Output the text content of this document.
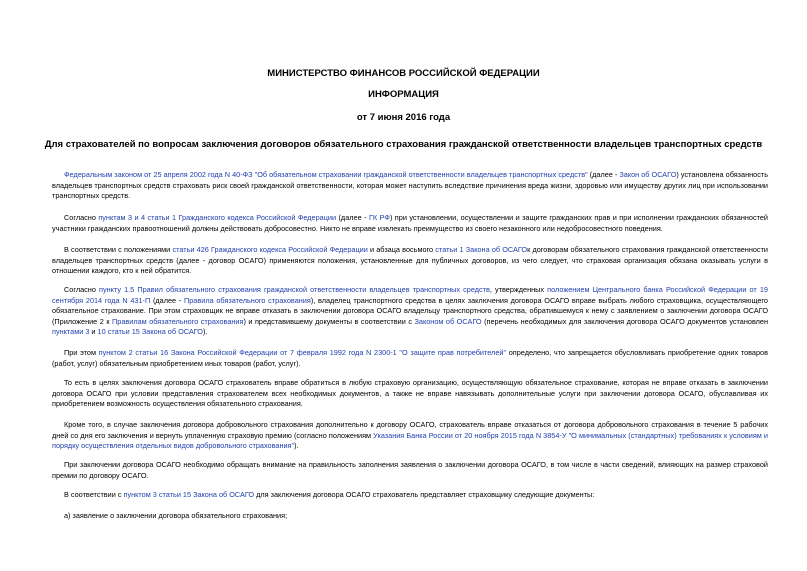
МИНИСТЕРСТВО ФИНАНСОВ РОССИЙСКОЙ ФЕДЕРАЦИИ
ИНФОРМАЦИЯ
от 7 июня 2016 года
Для страхователей по вопросам заключения договоров обязательного страхования гражданской ответственности владельцев транспортных средств
Федеральным законом от 25 апреля 2002 года N 40-ФЗ "Об обязательном страховании гражданской ответственности владельцев транспортных средств" (далее - Закон об ОСАГО) установлена обязанность владельцев транспортных средств страховать риск своей гражданской ответственности, которая может наступить вследствие причинения вреда жизни, здоровью или имуществу других лиц при использовании транспортных средств.
Согласно пунктам 3 и 4 статьи 1 Гражданского кодекса Российской Федерации (далее - ГК РФ) при установлении, осуществлении и защите гражданских прав и при исполнении гражданских обязанностей участники гражданских правоотношений должны действовать добросовестно. Никто не вправе извлекать преимущество из своего незаконного или недобросовестного поведения.
В соответствии с положениями статьи 426 Гражданского кодекса Российской Федерации и абзаца восьмого статьи 1 Закона об ОСАГОк договорам обязательного страхования гражданской ответственности владельцев транспортных средств (далее - договор ОСАГО) применяются положения, установленные для публичных договоров, из чего следует, что страховая организация обязана оказывать услуги в отношении каждого, кто к ней обратится.
Согласно пункту 1.5 Правил обязательного страхования гражданской ответственности владельцев транспортных средств, утвержденных положением Центрального банка Российской Федерации от 19 сентября 2014 года N 431-П (далее - Правила обязательного страхования), владелец транспортного средства в целях заключения договора ОСАГО вправе выбрать любого страховщика, осуществляющего обязательное страхование. При этом страховщик не вправе отказать в заключении договора ОСАГО владельцу транспортного средства, обратившемуся к нему с заявлением о заключении договора ОСАГО (Приложение 2 к Правилам обязательного страхования) и представившему документы в соответствии с Законом об ОСАГО (перечень необходимых для заключения договора ОСАГО документов установлен пунктами 3 и 10 статьи 15 Закона об ОСАГО).
При этом пунктом 2 статьи 16 Закона Российской Федерации от 7 февраля 1992 года N 2300-1 "О защите прав потребителей" определено, что запрещается обусловливать приобретение одних товаров (работ, услуг) обязательным приобретением иных товаров (работ, услуг).
То есть в целях заключения договора ОСАГО страхователь вправе обратиться в любую страховую организацию, осуществляющую обязательное страхование, которая не вправе отказать в заключении договора ОСАГО при условии представления страхователем всех необходимых документов, а также не вправе навязывать дополнительные услуги при заключении договора ОСАГО, обуславливая их приобретением возможность осуществления обязательного страхования.
Кроме того, в случае заключения договора добровольного страхования дополнительно к договору ОСАГО, страхователь вправе отказаться от договора добровольного страхования в течение 5 рабочих дней со дня его заключения и вернуть уплаченную страховую премию (согласно положениям Указания Банка России от 20 ноября 2015 года N 3854-У "О минимальных (стандартных) требованиях к условиям и порядку осуществления отдельных видов добровольного страхования").
При заключении договора ОСАГО необходимо обращать внимание на правильность заполнения заявления о заключении договора ОСАГО, в том числе в части сведений, влияющих на размер страховой премии по договору ОСАГО.
В соответствии с пунктом 3 статьи 15 Закона об ОСАГО для заключения договора ОСАГО страхователь представляет страховщику следующие документы:
а) заявление о заключении договора обязательного страхования;
